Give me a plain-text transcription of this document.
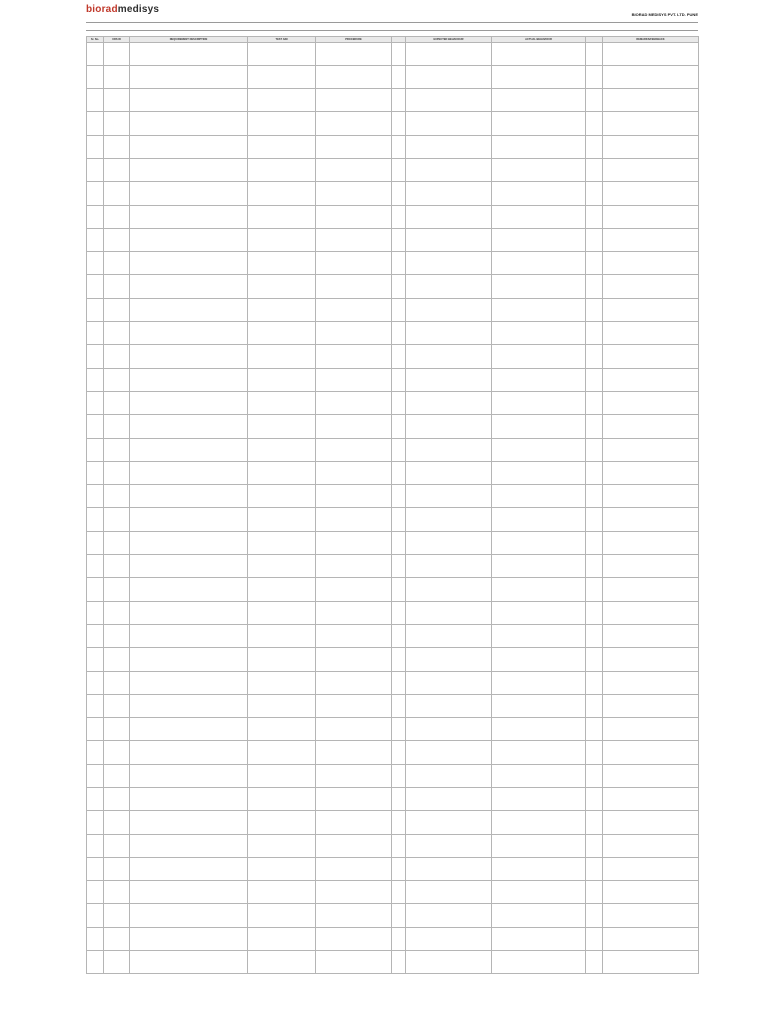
bioradmedisys	BIORAD MEDISYS PVT. LTD. PUNE
Sr. No.	URS ID	REQUIREMENT DESCRIPTION	TEST AIM	PROCEDURE		EXPECTED BEHAVIOUR	ACTUAL BEHAVIOUR		REMARKS/FEEDBACK
